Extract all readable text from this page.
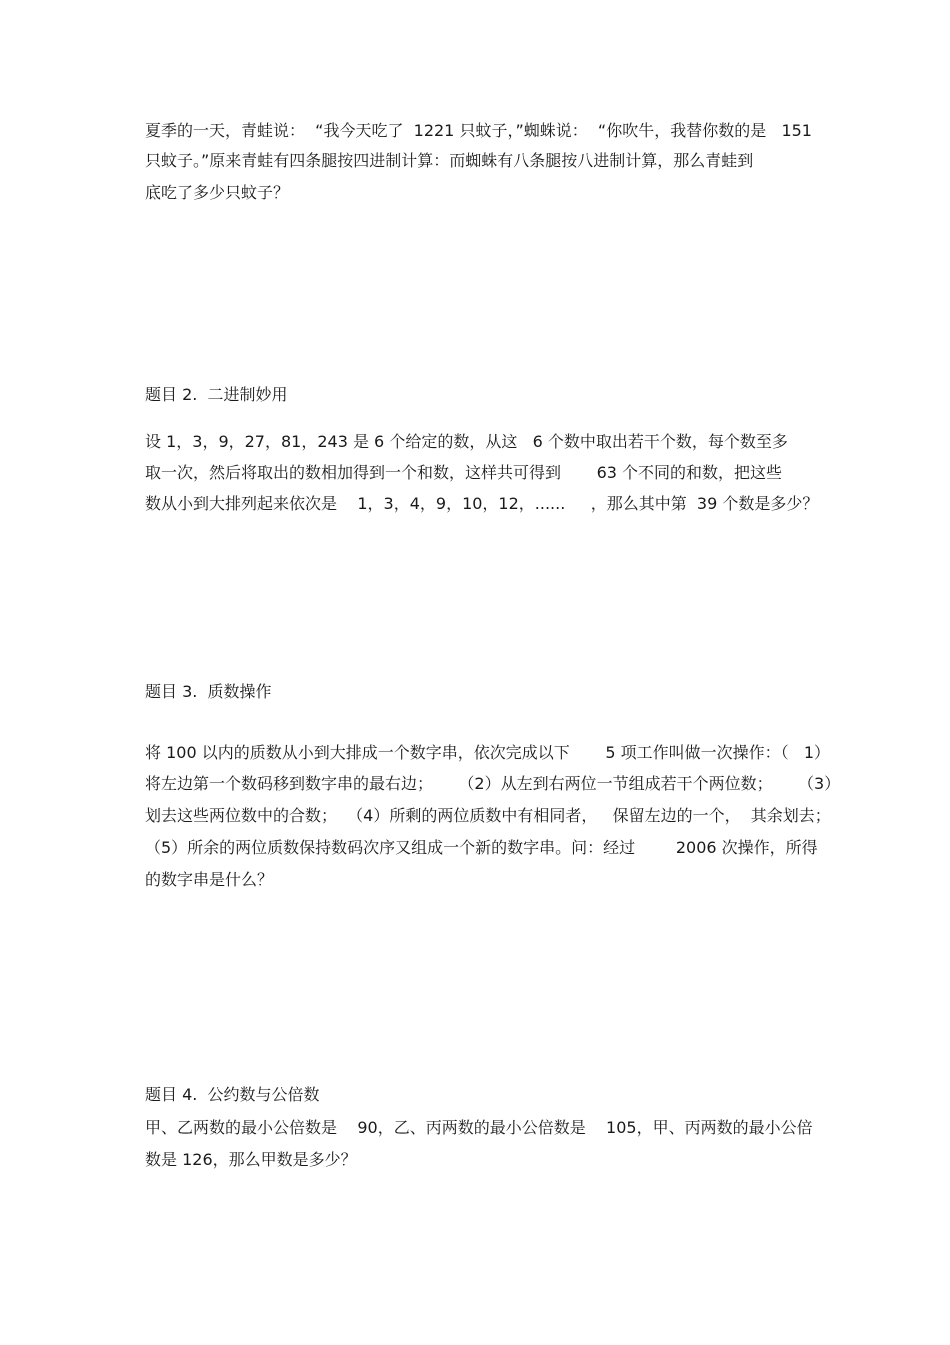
夏季的一天，青蛙说：  “我今天吃了  1221 只蚊子，”蜘蛛说：  “你吹牛，我替你数的是   151

只蚊子。”原来青蛙有四条腿按四进制计算：而蜘蛛有八条腿按八进制计算，那么青蛙到

底吃了多少只蚊子？

题目 2.  二进制妙用

设 1，3，9，27，81，243 是 6 个给定的数，从这   6 个数中取出若干个数，每个数至多

取一次，然后将取出的数相加得到一个和数，这样共可得到       63 个不同的和数，把这些

数从小到大排列起来依次是    1，3，4，9，10，12，......     ，那么其中第  39 个数是多少？

题目 3.  质数操作

将 100 以内的质数从小到大排成一个数字串，依次完成以下       5 项工作叫做一次操作：（   1）

将左边第一个数码移到数字串的最右边；     （2）从左到右两位一节组成若干个两位数；     （3）

划去这些两位数中的合数；  （4）所剩的两位质数中有相同者，   保留左边的一个，  其余划去；

（5）所余的两位质数保持数码次序又组成一个新的数字串。问：经过        2006 次操作，所得

的数字串是什么？

题目 4.  公约数与公倍数

甲、乙两数的最小公倍数是    90，乙、丙两数的最小公倍数是    105，甲、丙两数的最小公倍

数是 126，那么甲数是多少？
